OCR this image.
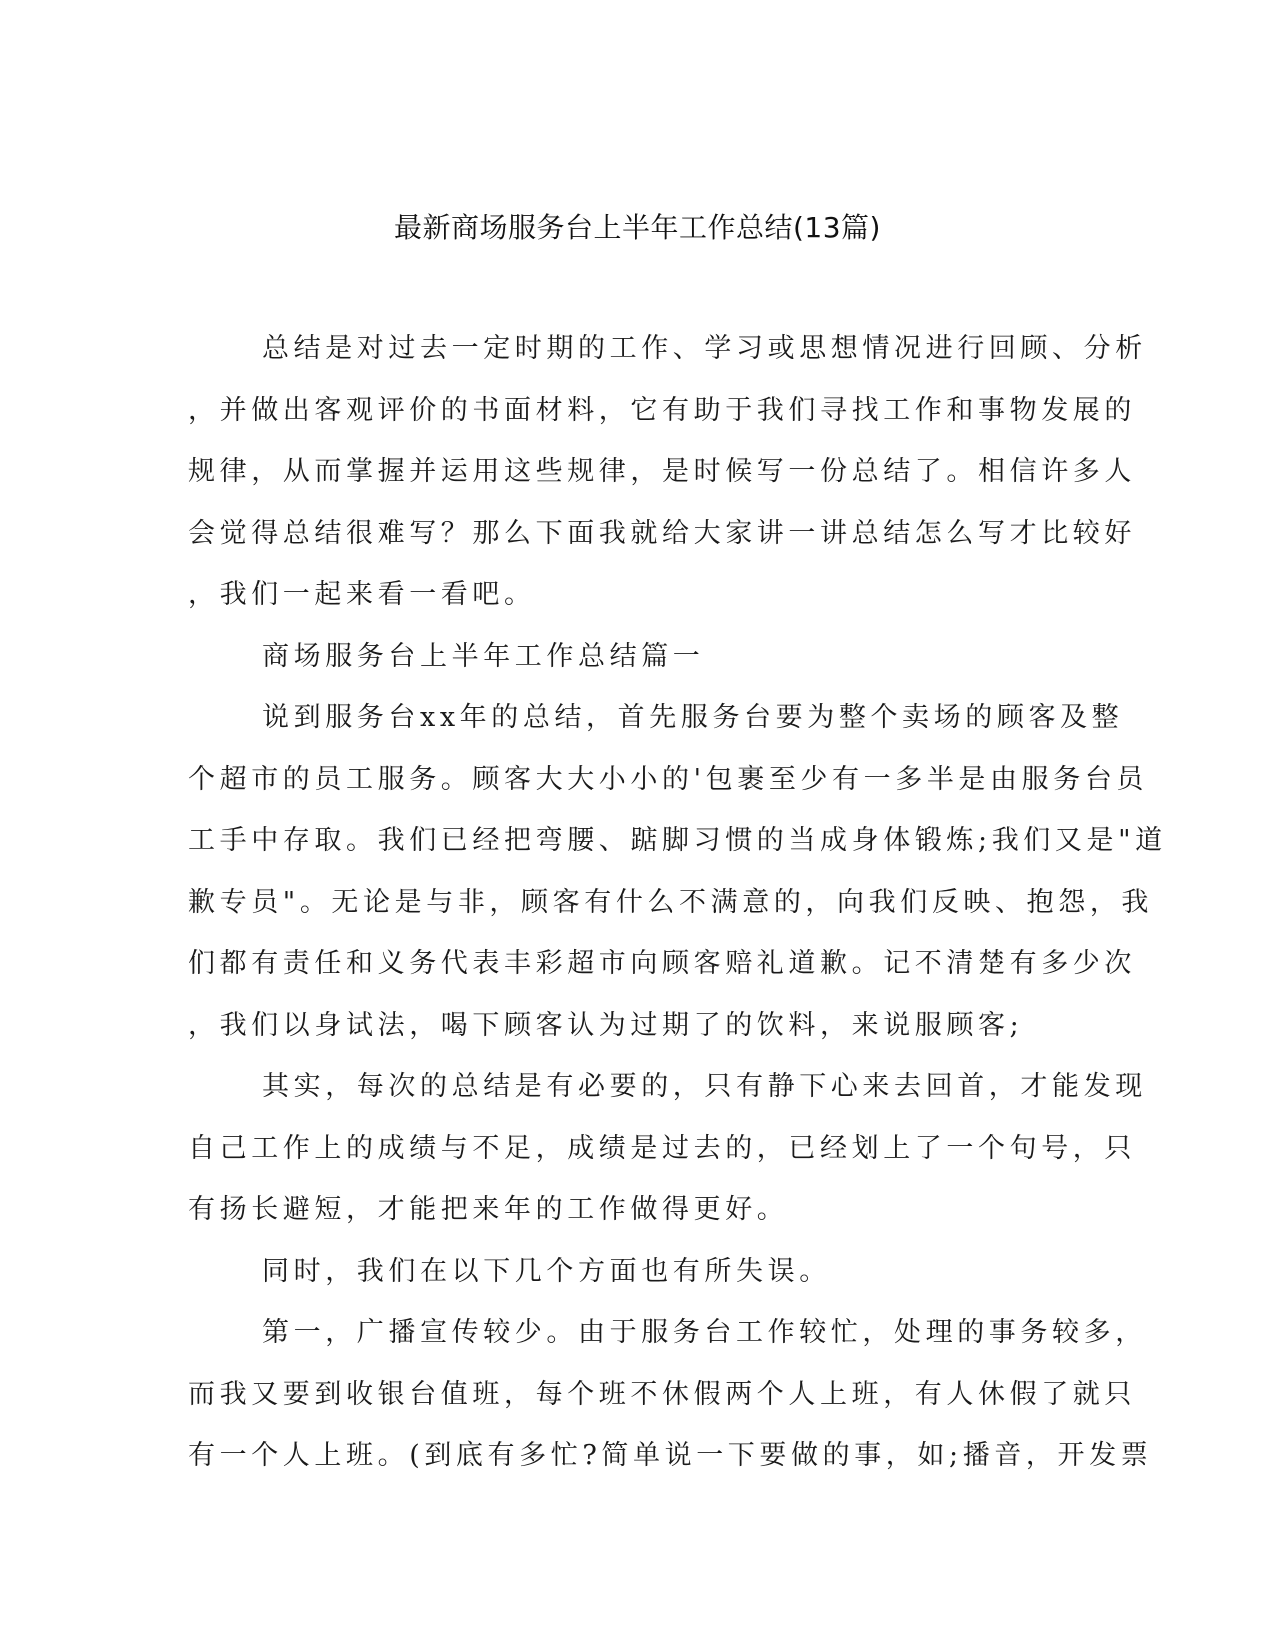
最新商场服务台上半年工作总结(13篇)
总结是对过去一定时期的工作、学习或思想情况进行回顾、分析
，并做出客观评价的书面材料，它有助于我们寻找工作和事物发展的
规律，从而掌握并运用这些规律，是时候写一份总结了。相信许多人
会觉得总结很难写？那么下面我就给大家讲一讲总结怎么写才比较好
，我们一起来看一看吧。
商场服务台上半年工作总结篇一
说到服务台xx年的总结，首先服务台要为整个卖场的顾客及整
个超市的员工服务。顾客大大小小的'包裹至少有一多半是由服务台员
工手中存取。我们已经把弯腰、踮脚习惯的当成身体锻炼;我们又是"道
歉专员"。无论是与非，顾客有什么不满意的，向我们反映、抱怨，我
们都有责任和义务代表丰彩超市向顾客赔礼道歉。记不清楚有多少次
，我们以身试法，喝下顾客认为过期了的饮料，来说服顾客;
其实，每次的总结是有必要的，只有静下心来去回首，才能发现
自己工作上的成绩与不足，成绩是过去的，已经划上了一个句号，只
有扬长避短，才能把来年的工作做得更好。
同时，我们在以下几个方面也有所失误。
第一，广播宣传较少。由于服务台工作较忙，处理的事务较多，
而我又要到收银台值班，每个班不休假两个人上班，有人休假了就只
有一个人上班。(到底有多忙?简单说一下要做的事，如;播音，开发票
